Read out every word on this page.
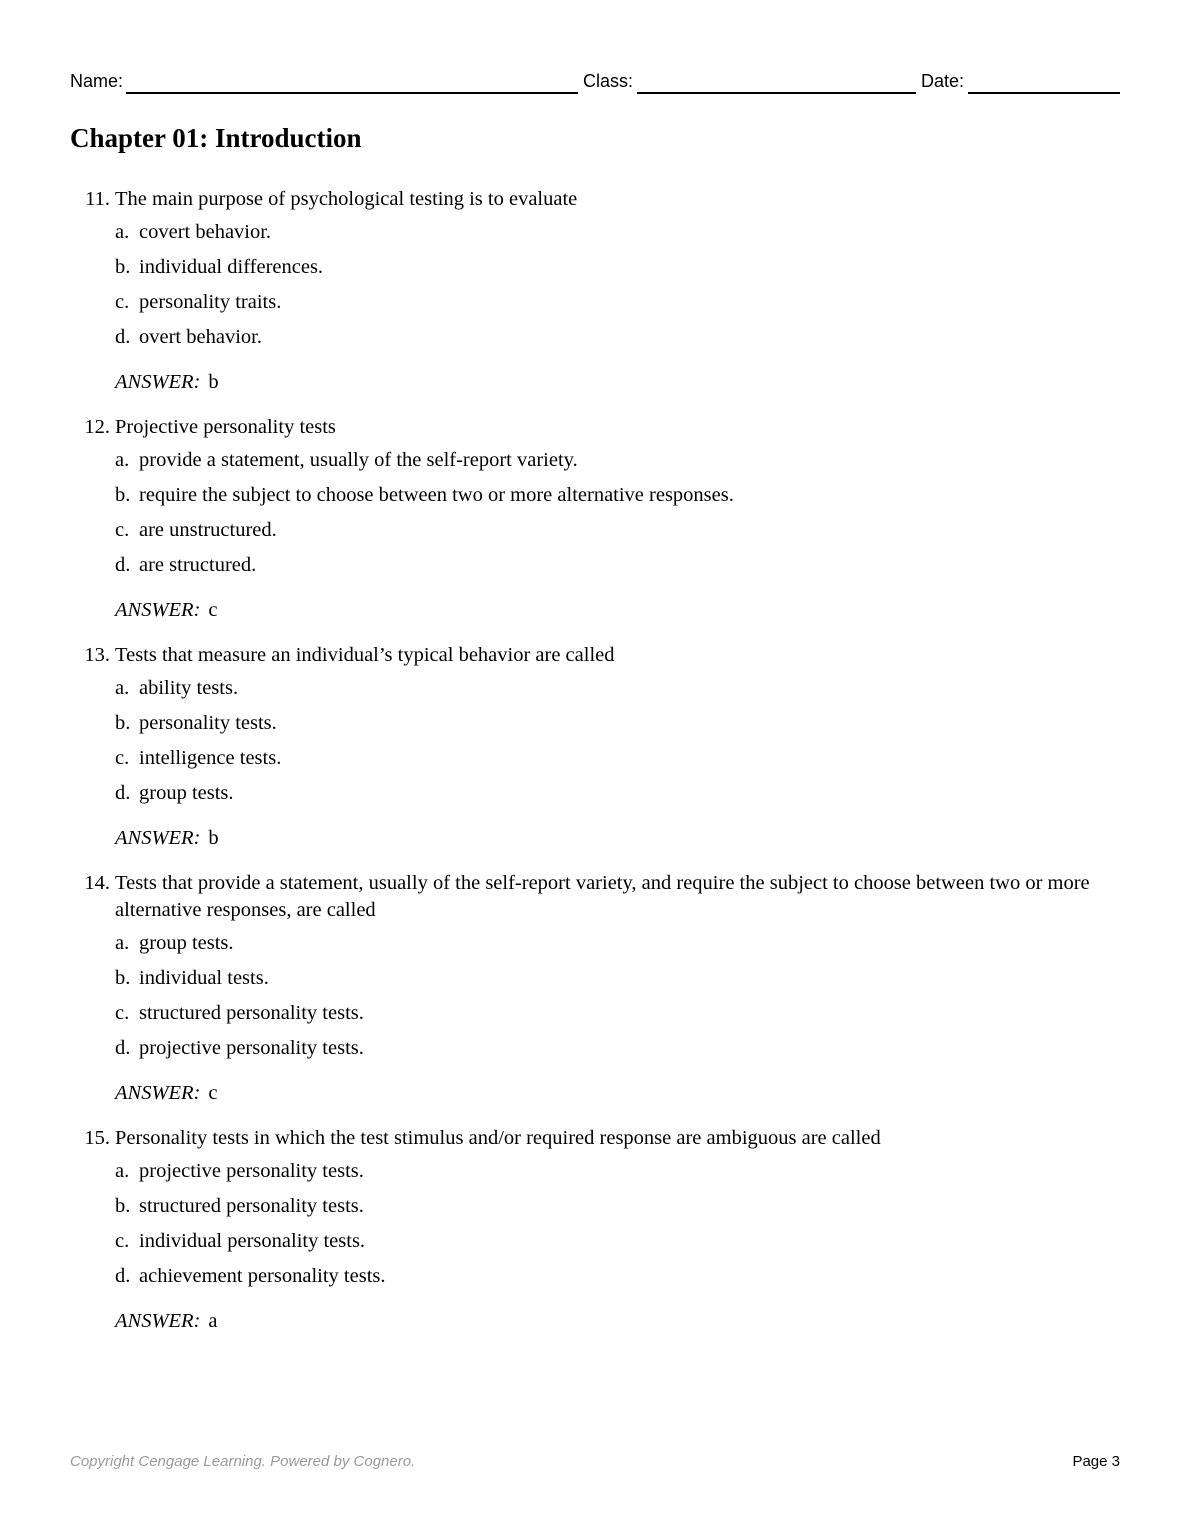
Name:	Class:	Date:
Chapter 01: Introduction
11. The main purpose of psychological testing is to evaluate
a. covert behavior.
b. individual differences.
c. personality traits.
d. overt behavior.
ANSWER: b
12. Projective personality tests
a. provide a statement, usually of the self-report variety.
b. require the subject to choose between two or more alternative responses.
c. are unstructured.
d. are structured.
ANSWER: c
13. Tests that measure an individual’s typical behavior are called
a. ability tests.
b. personality tests.
c. intelligence tests.
d. group tests.
ANSWER: b
14. Tests that provide a statement, usually of the self-report variety, and require the subject to choose between two or more alternative responses, are called
a. group tests.
b. individual tests.
c. structured personality tests.
d. projective personality tests.
ANSWER: c
15. Personality tests in which the test stimulus and/or required response are ambiguous are called
a. projective personality tests.
b. structured personality tests.
c. individual personality tests.
d. achievement personality tests.
ANSWER: a
Copyright Cengage Learning. Powered by Cognero.	Page 3
